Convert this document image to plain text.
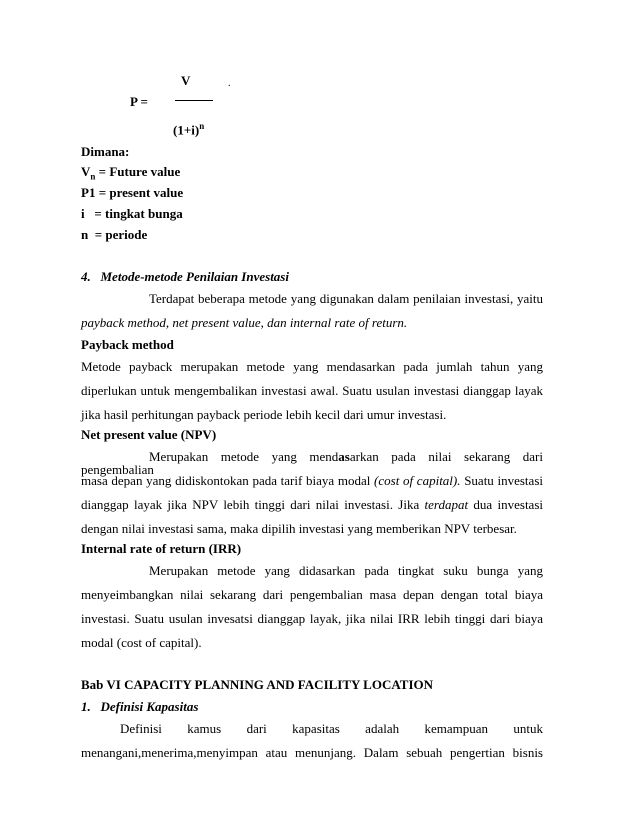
V	.
P =
$(1+i)^n$
Dimana:
$V_n$ = Future value
P1 = present value
i   = tingkat bunga
n  = periode
4.   Metode-metode Penilaian Investasi
Terdapat beberapa metode yang digunakan dalam penilaian investasi, yaitu
payback method, net present value, dan internal rate of return.
Payback method
Metode payback merupakan metode yang mendasarkan pada jumlah tahun yang
diperlukan untuk mengembalikan investasi awal. Suatu usulan investasi dianggap layak
jika hasil perhitungan payback periode lebih kecil dari umur investasi.
Net present value (NPV)
Merupakan metode yang mendasarkan pada nilai sekarang dari pengembalian
masa depan yang didiskontokan pada tarif biaya modal (cost of capital). Suatu investasi
dianggap layak jika NPV lebih tinggi dari nilai investasi. Jika terdapat dua investasi
dengan nilai investasi sama, maka dipilih investasi yang memberikan NPV terbesar.
Internal rate of return (IRR)
Merupakan metode yang didasarkan pada tingkat suku bunga yang
menyeimbangkan nilai sekarang dari pengembalian masa depan dengan total biaya
investasi. Suatu usulan invesatsi dianggap layak, jika nilai IRR lebih tinggi dari biaya
modal (cost of capital).
Bab VI CAPACITY PLANNING AND FACILITY LOCATION
1.   Definisi Kapasitas
Definisi kamus dari kapasitas adalah kemampuan untuk
menangani,menerima,menyimpan atau menunjang. Dalam sebuah pengertian bisnis
